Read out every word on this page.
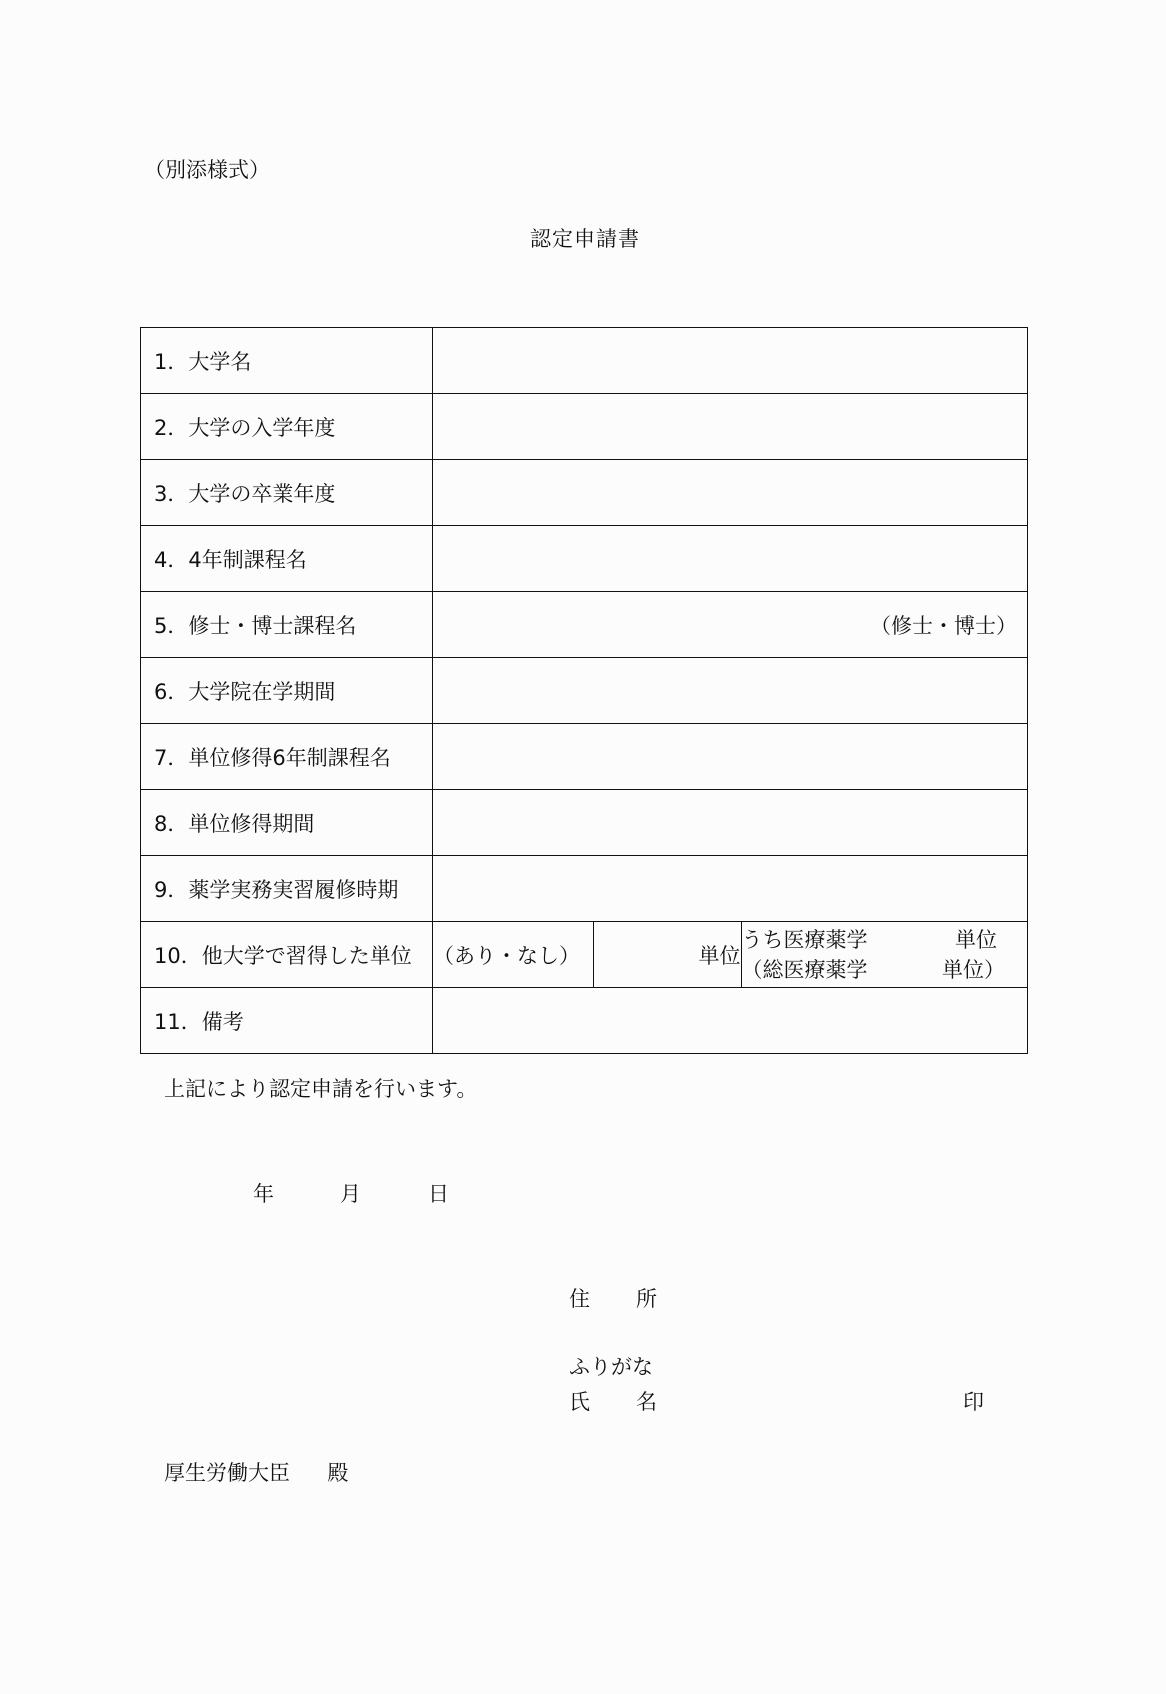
（別添様式）
認定申請書
1．大学名	
2．大学の入学年度	
3．大学の卒業年度	
4．4年制課程名	
5．修士・博士課程名	（修士・博士）

6．大学院在学期間	
7．単位修得6年制課程名	
8．単位修得期間	
9．薬学実務実習履修時期	
10．他大学で習得した単位	（あり・なし）	単位	
うち医療薬学	単位
（総医療薬学	単位）

11．備考	
上記により認定申請を行います。
年	月	日
住 所
ふりがな
氏 名	印
厚生労働大臣 殿
